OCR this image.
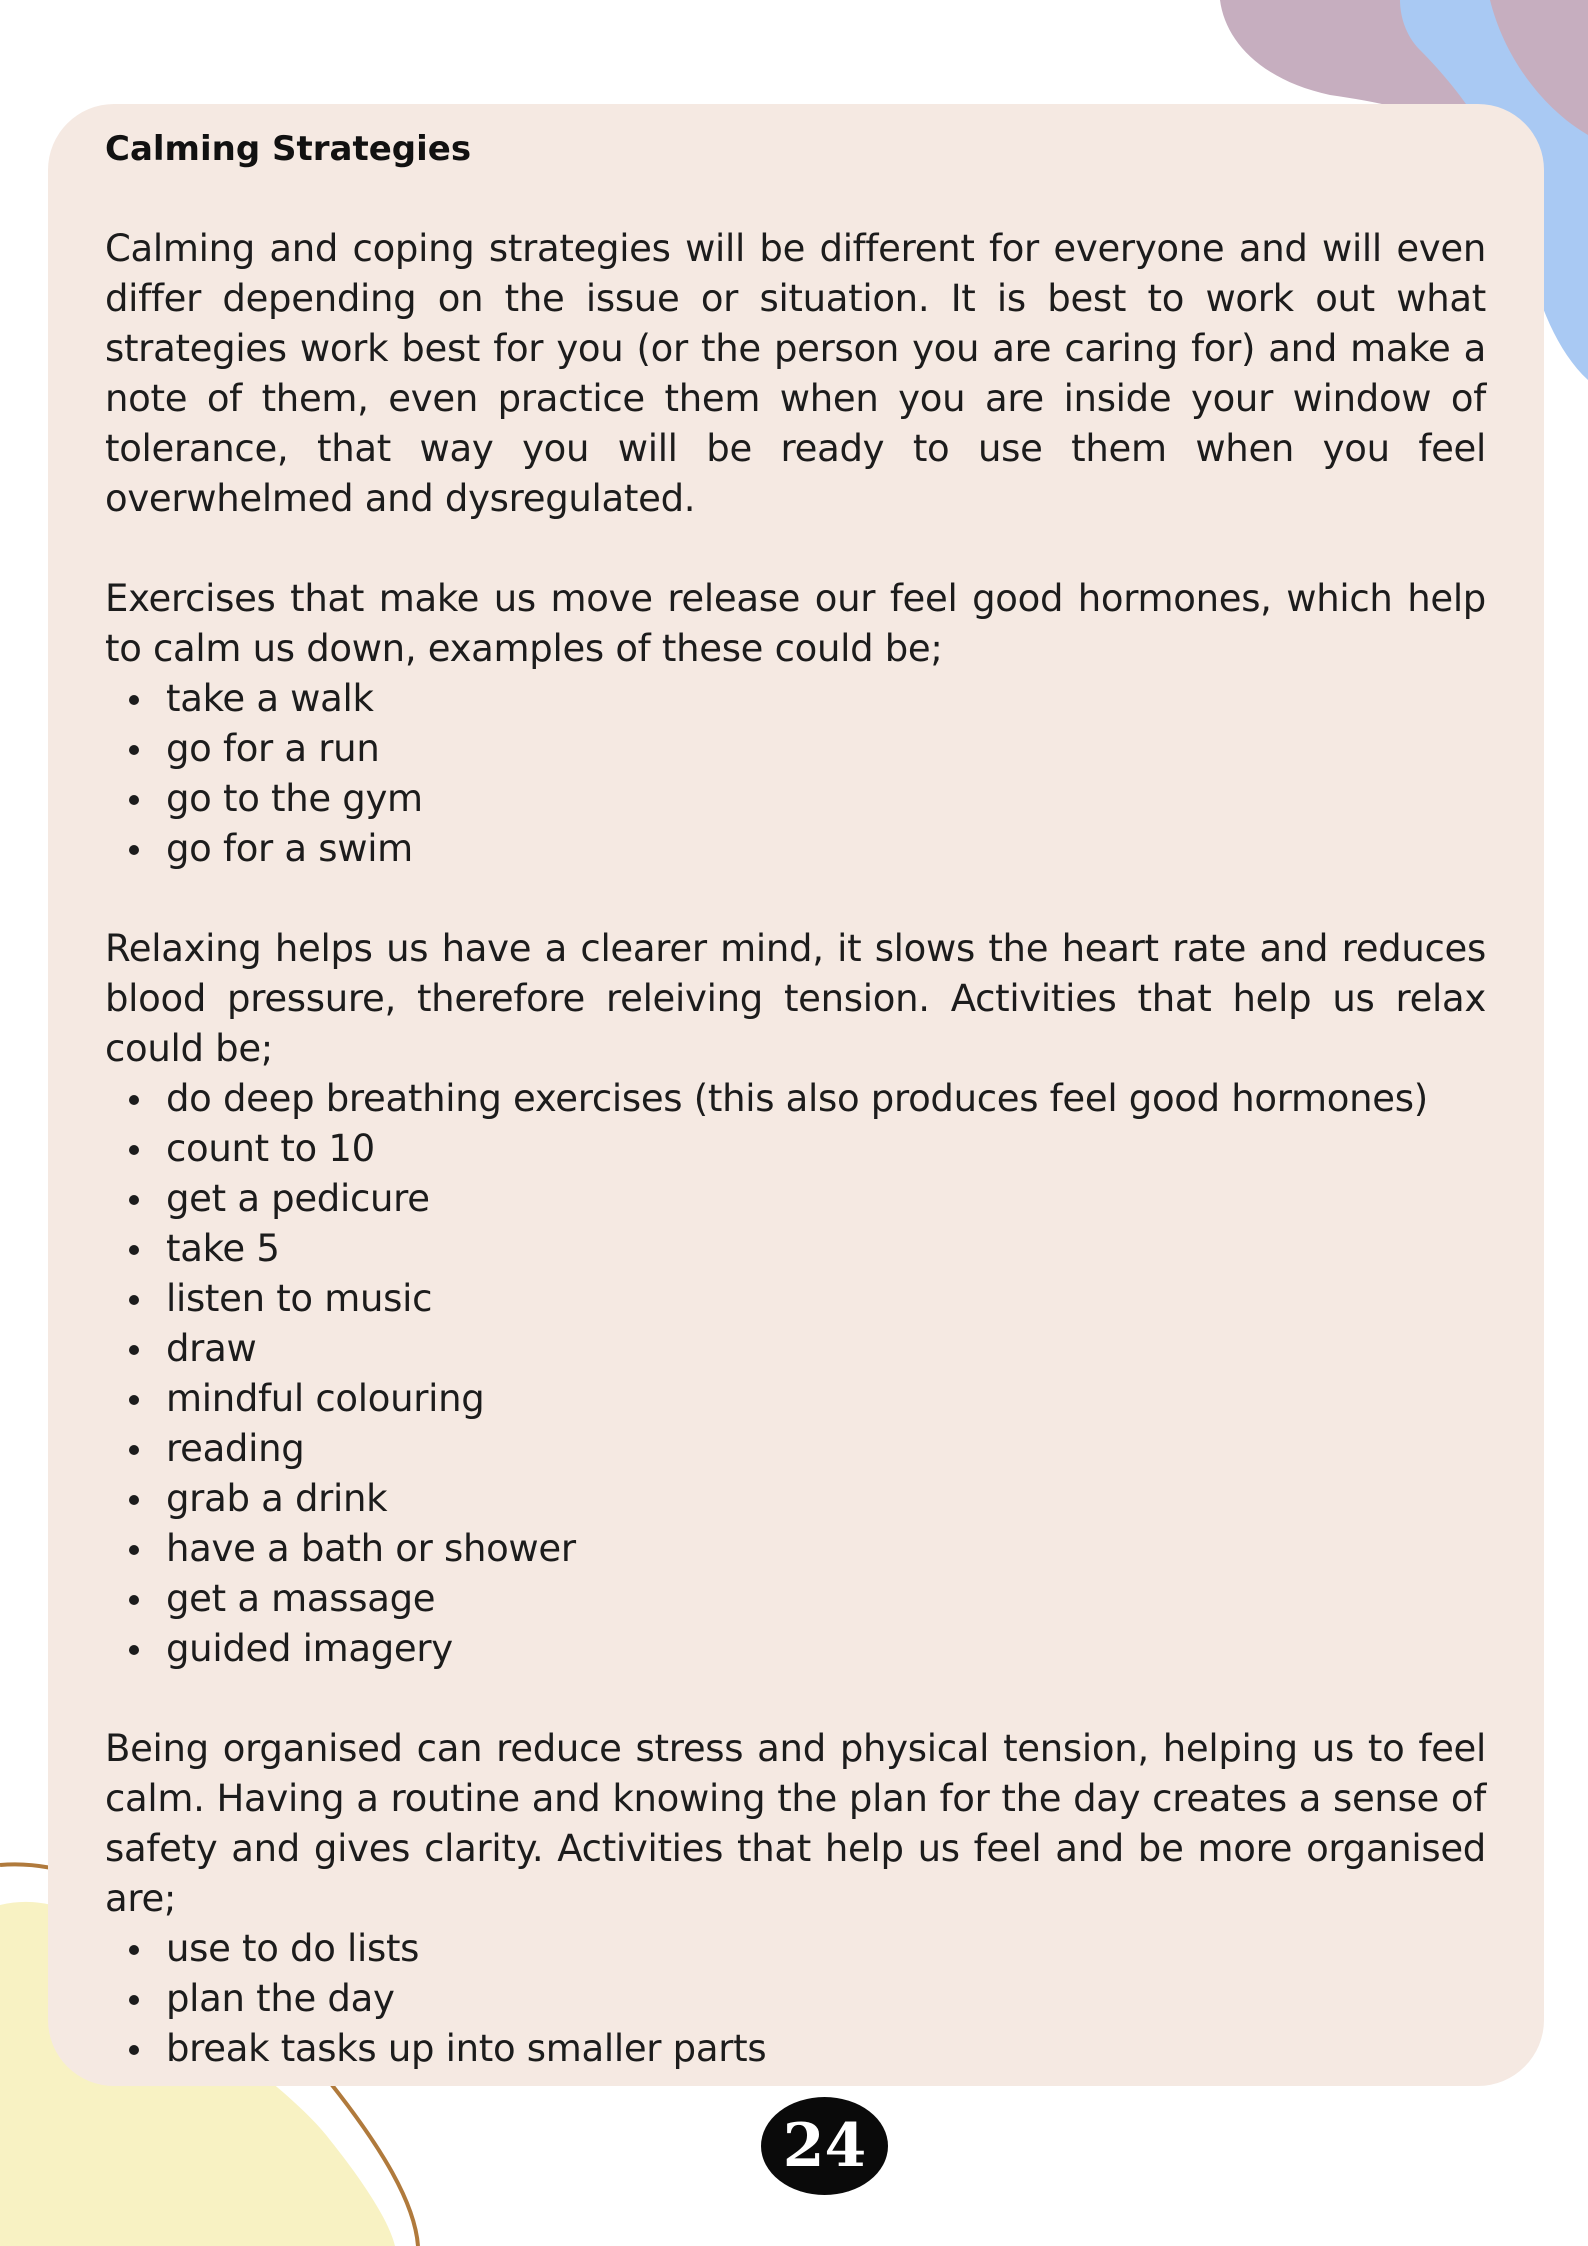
Calming Strategies

Calming and coping strategies will be different for everyone and will even differ depending on the issue or situation. It is best to work out what strategies work best for you (or the person you are caring for) and make a note of them, even practice them when you are inside your window of tolerance, that way you will be ready to use them when you feel overwhelmed and dysregulated.

Exercises that make us move release our feel good hormones, which help to calm us down, examples of these could be;

take a walk
go for a run
go to the gym
go for a swim

Relaxing helps us have a clearer mind, it slows the heart rate and reduces blood pressure, therefore releiving tension. Activities that help us relax could be;

do deep breathing exercises (this also produces feel good hormones)
count to 10
get a pedicure
take 5
listen to music
draw
mindful colouring
reading
grab a drink
have a bath or shower
get a massage
guided imagery

Being organised can reduce stress and physical tension, helping us to feel calm. Having a routine and knowing the plan for the day creates a sense of safety and gives clarity. Activities that help us feel and be more organised are;

use to do lists
plan the day
break tasks up into smaller parts
24
